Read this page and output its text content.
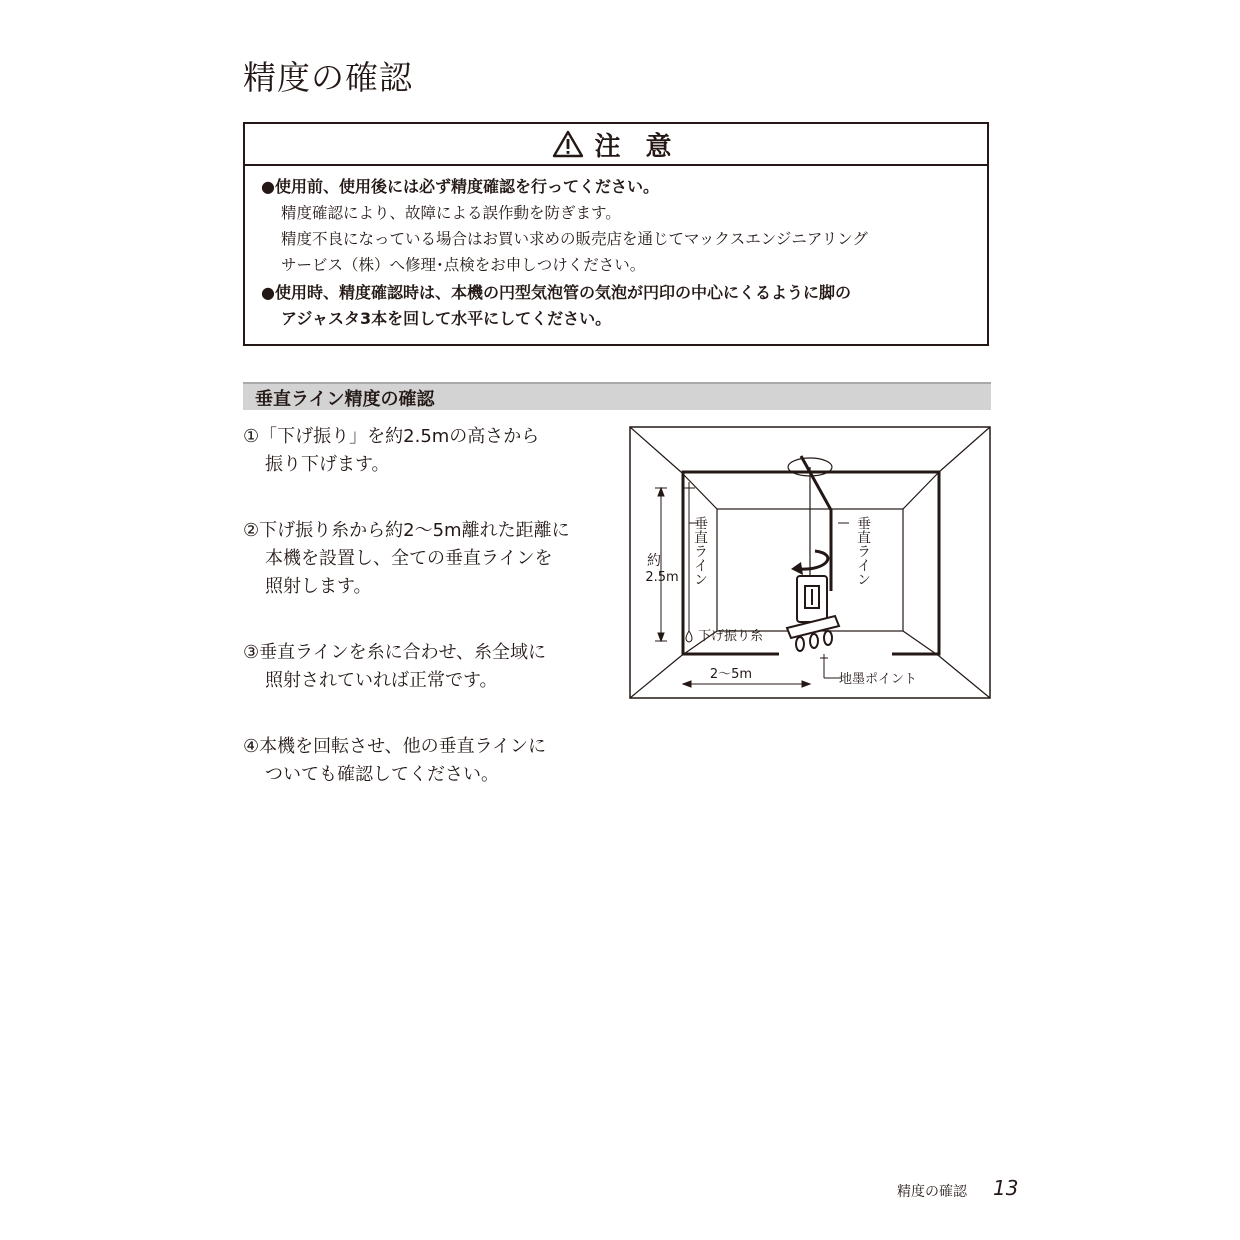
精度の確認
注 意
●使用前、使用後には必ず精度確認を行ってください。
精度確認により、故障による誤作動を防ぎます。
精度不良になっている場合はお買い求めの販売店を通じてマックスエンジニアリング
サービス（株）へ修理･点検をお申しつけください。
●使用時、精度確認時は、本機の円型気泡管の気泡が円印の中心にくるように脚の
アジャスタ3本を回して水平にしてください。
垂直ライン精度の確認
①「下げ振り」を約2.5mの高さから
振り下げます。
②下げ振り糸から約2〜5m離れた距離に
本機を設置し、全ての垂直ラインを
照射します。
③垂直ラインを糸に合わせ、糸全域に
照射されていれば正常です。
④本機を回転させ、他の垂直ラインに
ついても確認してください。
垂直ライン	垂直ライン
約
2.5m
下げ振り糸
2〜5m	地墨ポイント
精度の確認 13
